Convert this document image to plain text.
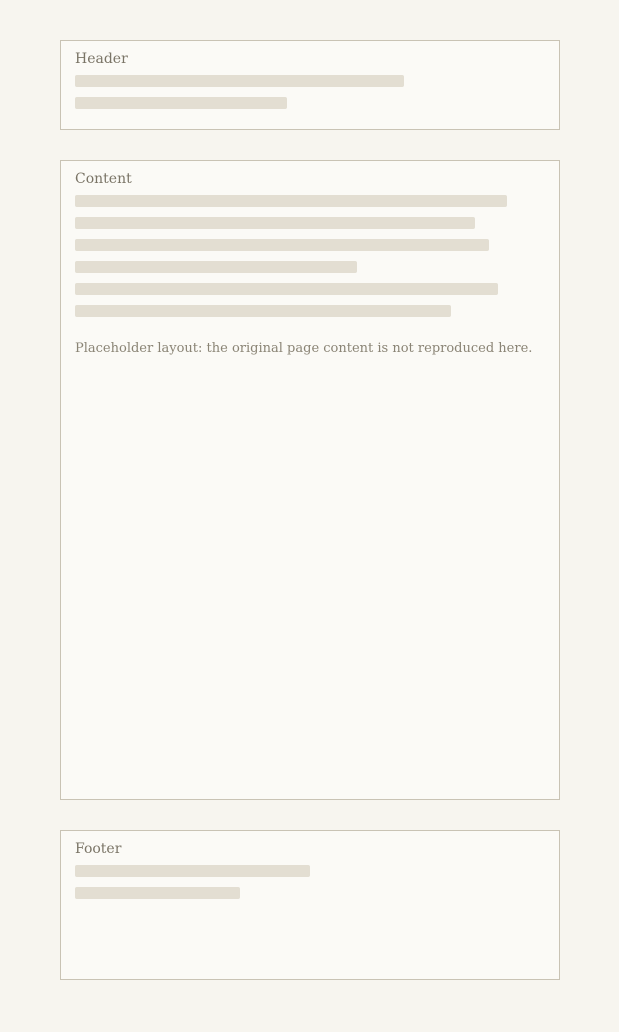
Header
Content

Placeholder layout: the original page content is not reproduced here.

Footer
